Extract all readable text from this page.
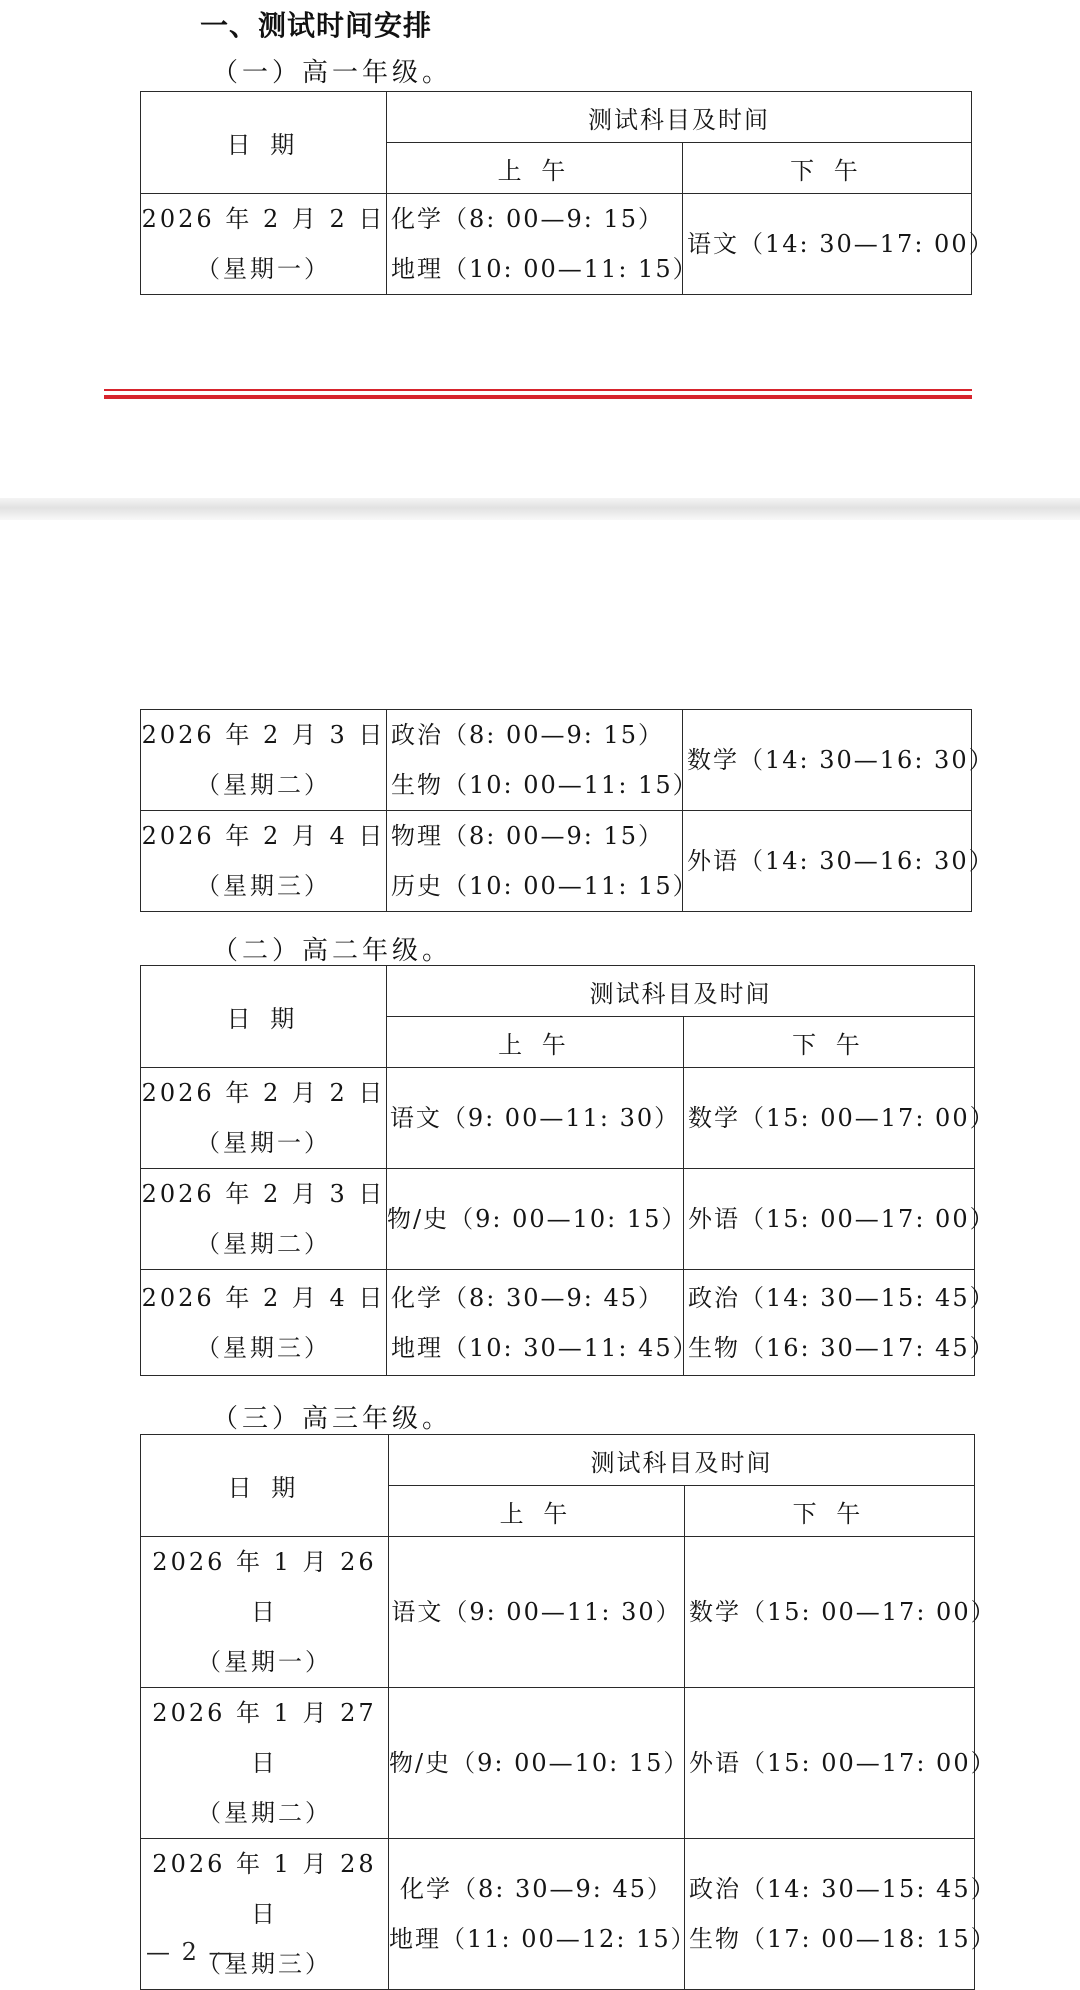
一、测试时间安排
（一）高一年级。
日 期	测试科目及时间	
	上 午	下 午

2026 年 2 月 2 日
（星期一）	化学（8: 00—9: 15）
地理（10: 00—11: 15）	语文（14: 30—17: 00）
2026 年 2 月 3 日
（星期二）	政治（8: 00—9: 15）
生物（10: 00—11: 15）	数学（14: 30—16: 30）

2026 年 2 月 4 日
（星期三）	物理（8: 00—9: 15）
历史（10: 00—11: 15）	外语（14: 30—16: 30）
（二）高二年级。
日 期	测试科目及时间	
	上 午	下 午

2026 年 2 月 2 日
（星期一）	语文（9: 00—11: 30）	数学（15: 00—17: 00）

2026 年 2 月 3 日
（星期二）	物/史（9: 00—10: 15）	外语（15: 00—17: 00）

2026 年 2 月 4 日
（星期三）	化学（8: 30—9: 45）
地理（10: 30—11: 45）	政治（14: 30—15: 45）
生物（16: 30—17: 45）
（三）高三年级。
日 期	测试科目及时间	
	上 午	下 午

2026 年 1 月 26 日
（星期一）	语文（9: 00—11: 30）	数学（15: 00—17: 00）

2026 年 1 月 27 日
（星期二）	物/史（9: 00—10: 15）	外语（15: 00—17: 00）

2026 年 1 月 28 日
（星期三）	化学（8: 30—9: 45）
地理（11: 00—12: 15）	政治（14: 30—15: 45）
生物（17: 00—18: 15）
— 2 —
